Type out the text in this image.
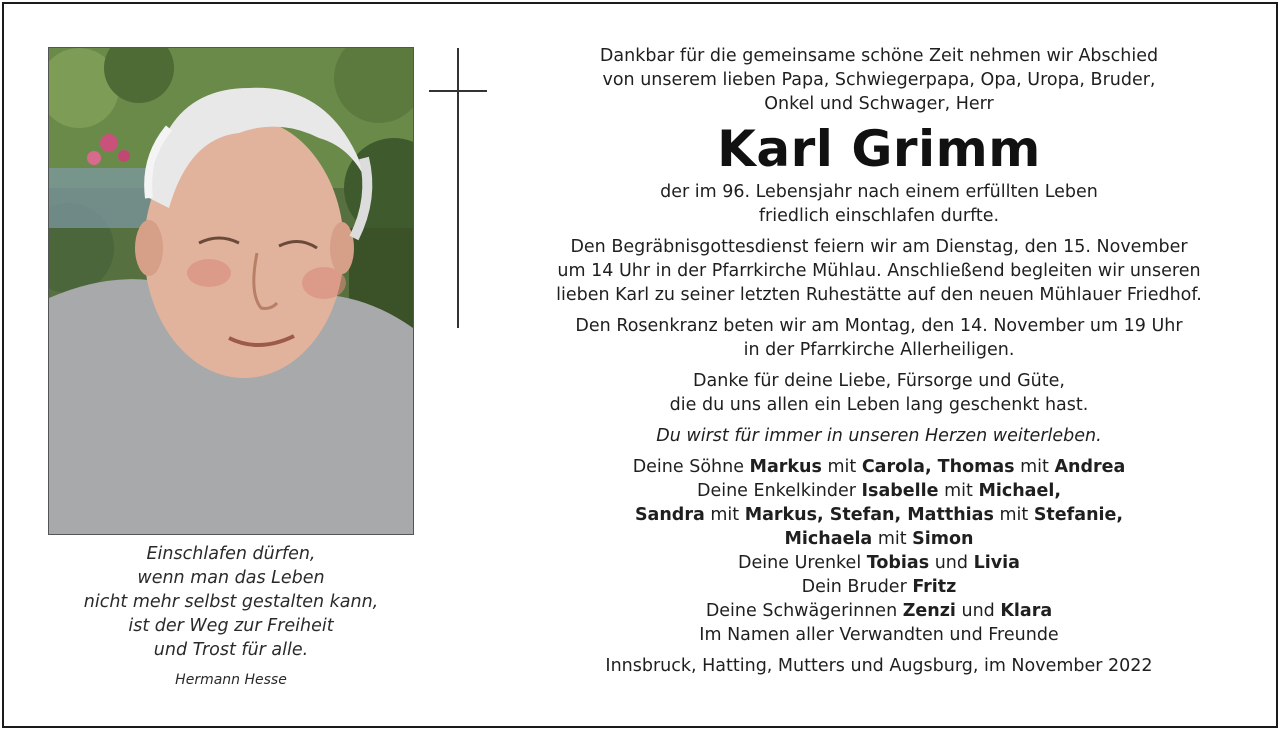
Einschlafen dürfen,
wenn man das Leben
nicht mehr selbst gestalten kann,
ist der Weg zur Freiheit
und Trost für alle.
Hermann Hesse

Dankbar für die gemeinsame schöne Zeit nehmen wir Abschied

von unserem lieben Papa, Schwiegerpapa, Opa, Uropa, Bruder,

Onkel und Schwager, Herr

Karl Grimm

der im 96. Lebensjahr nach einem erfüllten Leben

friedlich einschlafen durfte.

Den Begräbnisgottesdienst feiern wir am Dienstag, den 15. November

um 14 Uhr in der Pfarrkirche Mühlau. Anschließend begleiten wir unseren

lieben Karl zu seiner letzten Ruhestätte auf den neuen Mühlauer Friedhof.

Den Rosenkranz beten wir am Montag, den 14. November um 19 Uhr

in der Pfarrkirche Allerheiligen.

Danke für deine Liebe, Fürsorge und Güte,

die du uns allen ein Leben lang geschenkt hast.

Du wirst für immer in unseren Herzen weiterleben.

Deine Söhne Markus mit Carola, Thomas mit Andrea

Deine Enkelkinder Isabelle mit Michael,

Sandra mit Markus, Stefan, Matthias mit Stefanie,

Michaela mit Simon

Deine Urenkel Tobias und Livia

Dein Bruder Fritz

Deine Schwägerinnen Zenzi und Klara

Im Namen aller Verwandten und Freunde

Innsbruck, Hatting, Mutters und Augsburg, im November 2022
